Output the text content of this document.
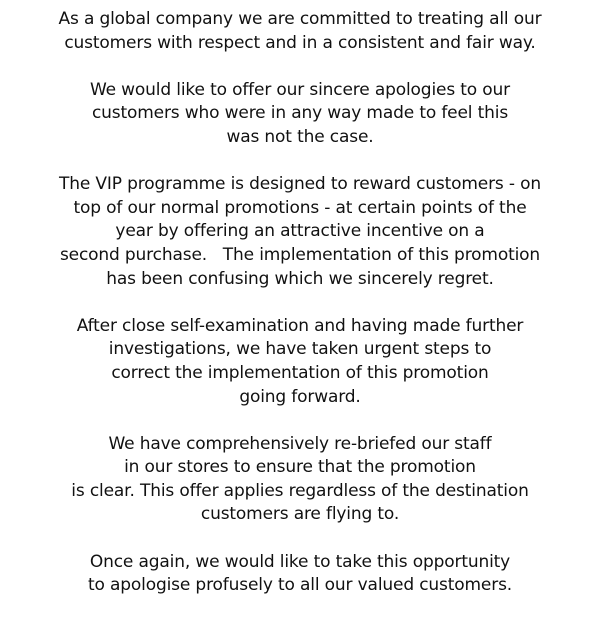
As a global company we are committed to treating all our
customers with respect and in a consistent and fair way.
We would like to offer our sincere apologies to our
customers who were in any way made to feel this
was not the case.
The VIP programme is designed to reward customers - on
top of our normal promotions - at certain points of the
year by offering an attractive incentive on a
second purchase.   The implementation of this promotion
has been confusing which we sincerely regret.
After close self-examination and having made further
investigations, we have taken urgent steps to
correct the implementation of this promotion
going forward.
We have comprehensively re-briefed our staff
in our stores to ensure that the promotion
is clear. This offer applies regardless of the destination
customers are flying to.
Once again, we would like to take this opportunity
to apologise profusely to all our valued customers.
